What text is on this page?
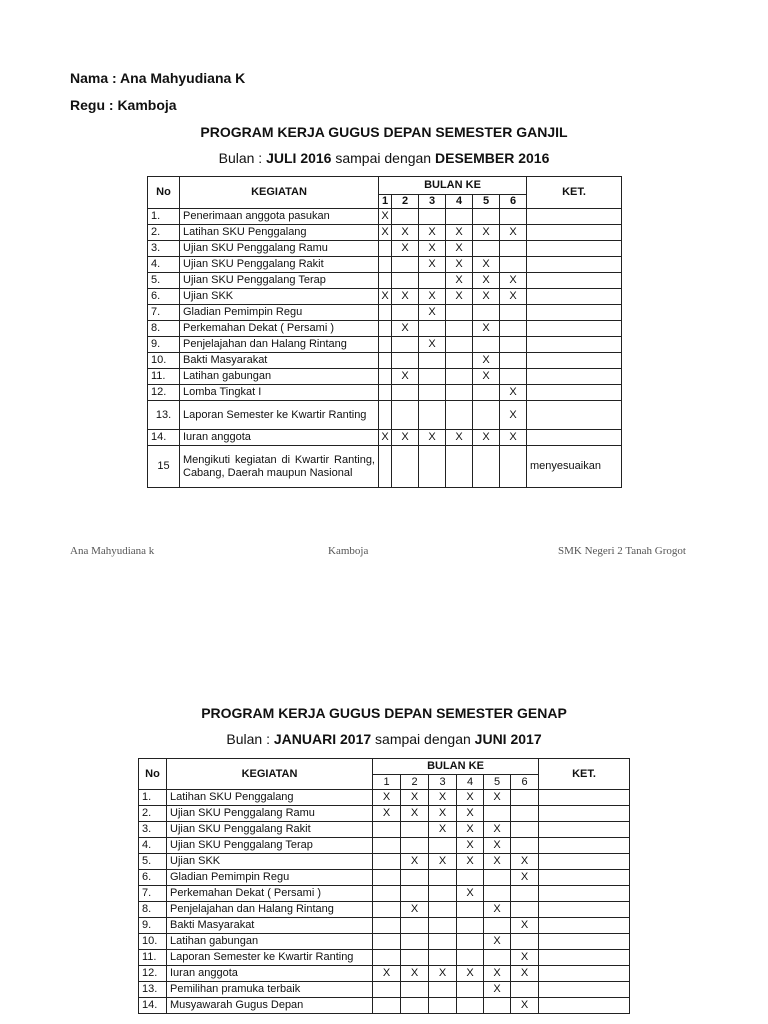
Nama : Ana Mahyudiana K
Regu : Kamboja
PROGRAM KERJA GUGUS DEPAN SEMESTER GANJIL
Bulan : JULI 2016 sampai dengan DESEMBER 2016
No	KEGIATAN	BULAN KE						KET.
		1	2	3	4	5	6	
1.	Penerimaan anggota pasukan	X						
2.	Latihan SKU Penggalang	X	X	X	X	X	X	
3.	Ujian SKU Penggalang Ramu		X	X	X			
4.	Ujian SKU Penggalang Rakit			X	X	X		
5.	Ujian SKU Penggalang Terap				X	X	X	
6.	Ujian SKK	X	X	X	X	X	X	
7.	Gladian Pemimpin Regu			X				
8.	Perkemahan Dekat ( Persami )		X			X		
9.	Penjelajahan dan Halang Rintang			X				
10.	Bakti Masyarakat					X		
11.	Latihan gabungan		X			X		
12.	Lomba Tingkat I						X	
13.	Laporan Semester ke Kwartir Ranting						X	
14.	Iuran anggota	X	X	X	X	X	X	
15	Mengikuti kegiatan di Kwartir Ranting, Cabang, Daerah maupun Nasional							menyesuaikan
Ana Mahyudiana k	Kamboja	SMK Negeri 2 Tanah Grogot
PROGRAM KERJA GUGUS DEPAN SEMESTER GENAP
Bulan : JANUARI 2017 sampai dengan JUNI 2017
No	KEGIATAN	BULAN KE						KET.
		1	2	3	4	5	6	
1.	Latihan SKU Penggalang	X	X	X	X	X		
2.	Ujian SKU Penggalang Ramu	X	X	X	X			
3.	Ujian SKU Penggalang Rakit			X	X	X		
4.	Ujian SKU Penggalang Terap				X	X		
5.	Ujian SKK		X	X	X	X	X	
6.	Gladian Pemimpin Regu						X	
7.	Perkemahan Dekat ( Persami )				X			
8.	Penjelajahan dan Halang Rintang		X			X		
9.	Bakti Masyarakat						X	
10.	Latihan gabungan					X		
11.	Laporan Semester ke Kwartir Ranting						X	
12.	Iuran anggota	X	X	X	X	X	X	
13.	Pemilihan pramuka terbaik					X		
14.	Musyawarah Gugus Depan						X	
